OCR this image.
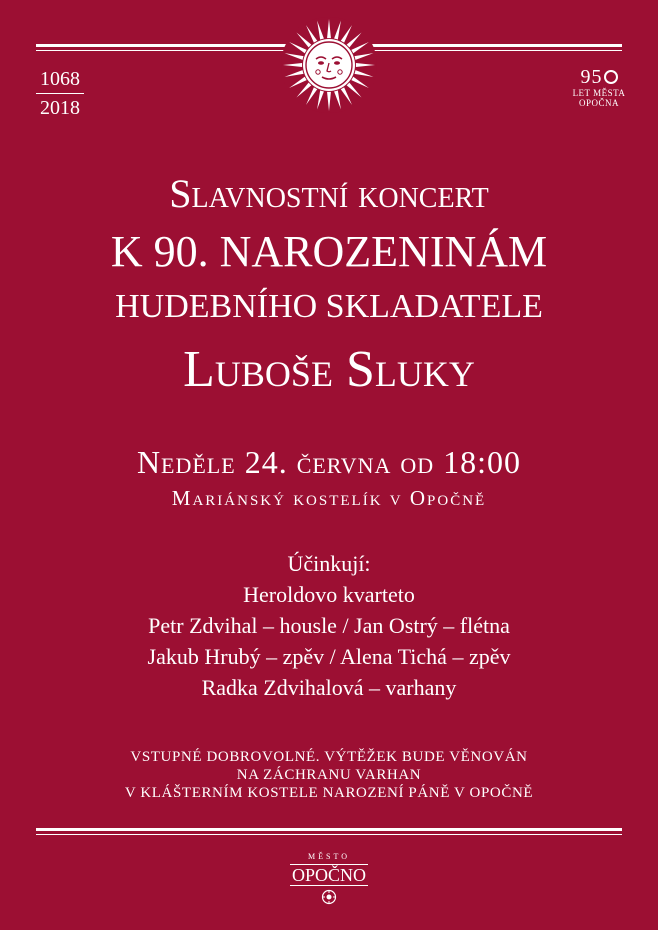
1068
2018
95
LET MĚSTA
OPOČNA
Slavnostní koncert
K 90. NAROZENINÁM
HUDEBNÍHO SKLADATELE
Luboše Sluky
Neděle 24. června od 18:00
Mariánský kostelík v Opočně
Účinkují:
Heroldovo kvarteto
Petr Zdvihal – housle / Jan Ostrý – flétna
Jakub Hrubý – zpěv / Alena Tichá – zpěv
Radka Zdvihalová – varhany
VSTUPNÉ DOBROVOLNÉ. VÝTĚŽEK BUDE VĚNOVÁN
NA ZÁCHRANU VARHAN
V KLÁŠTERNÍM KOSTELE NAROZENÍ PÁNĚ V OPOČNĚ
MĚSTO
OPOČNO
